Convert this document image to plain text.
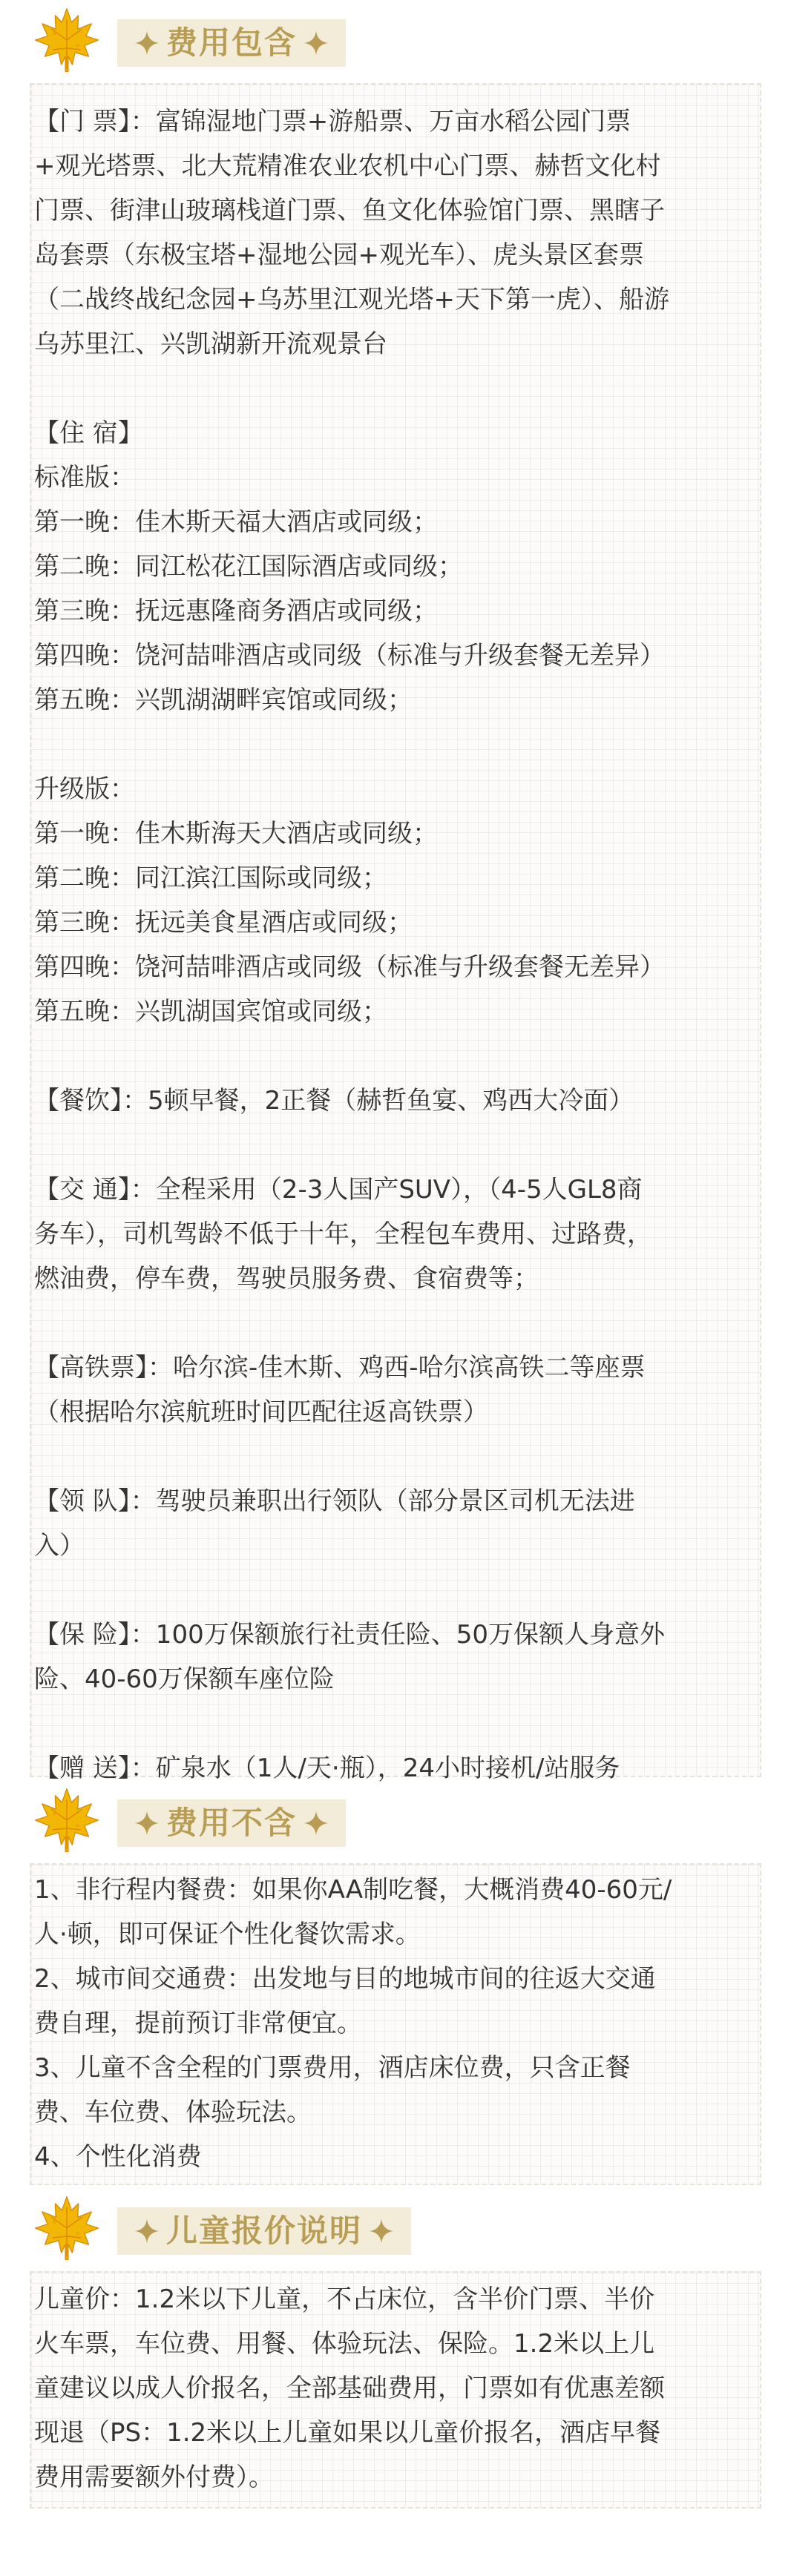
费用包含
【门 票】：富锦湿地门票+游船票、万亩水稻公园门票
+观光塔票、北大荒精准农业农机中心门票、赫哲文化村
门票、街津山玻璃栈道门票、鱼文化体验馆门票、黑瞎子
岛套票（东极宝塔+湿地公园+观光车）、虎头景区套票
（二战终战纪念园+乌苏里江观光塔+天下第一虎）、船游
乌苏里江、兴凯湖新开流观景台
【住 宿】
标准版：
第一晚：佳木斯天福大酒店或同级；
第二晚：同江松花江国际酒店或同级；
第三晚：抚远惠隆商务酒店或同级；
第四晚：饶河喆啡酒店或同级（标准与升级套餐无差异）
第五晚：兴凯湖湖畔宾馆或同级；
升级版：
第一晚：佳木斯海天大酒店或同级；
第二晚：同江滨江国际或同级；
第三晚：抚远美食星酒店或同级；
第四晚：饶河喆啡酒店或同级（标准与升级套餐无差异）
第五晚：兴凯湖国宾馆或同级；
【餐饮】：5顿早餐，2正餐（赫哲鱼宴、鸡西大冷面）
【交 通】：全程采用（2-3人国产SUV），（4-5人GL8商
务车），司机驾龄不低于十年，全程包车费用、过路费，
燃油费，停车费，驾驶员服务费、食宿费等；
【高铁票】：哈尔滨-佳木斯、鸡西-哈尔滨高铁二等座票
（根据哈尔滨航班时间匹配往返高铁票）
【领 队】：驾驶员兼职出行领队（部分景区司机无法进
入）
【保 险】：100万保额旅行社责任险、50万保额人身意外
险、40-60万保额车座位险
【赠 送】：矿泉水（1人/天·瓶），24小时接机/站服务
费用不含
1、非行程内餐费：如果你AA制吃餐，大概消费40-60元/
人·顿，即可保证个性化餐饮需求。
2、城市间交通费：出发地与目的地城市间的往返大交通
费自理，提前预订非常便宜。
3、儿童不含全程的门票费用，酒店床位费，只含正餐
费、车位费、体验玩法。
4、个性化消费
儿童报价说明
儿童价：1.2米以下儿童，不占床位，含半价门票、半价
火车票，车位费、用餐、体验玩法、保险。1.2米以上儿
童建议以成人价报名，全部基础费用，门票如有优惠差额
现退（PS：1.2米以上儿童如果以儿童价报名，酒店早餐
费用需要额外付费）。
